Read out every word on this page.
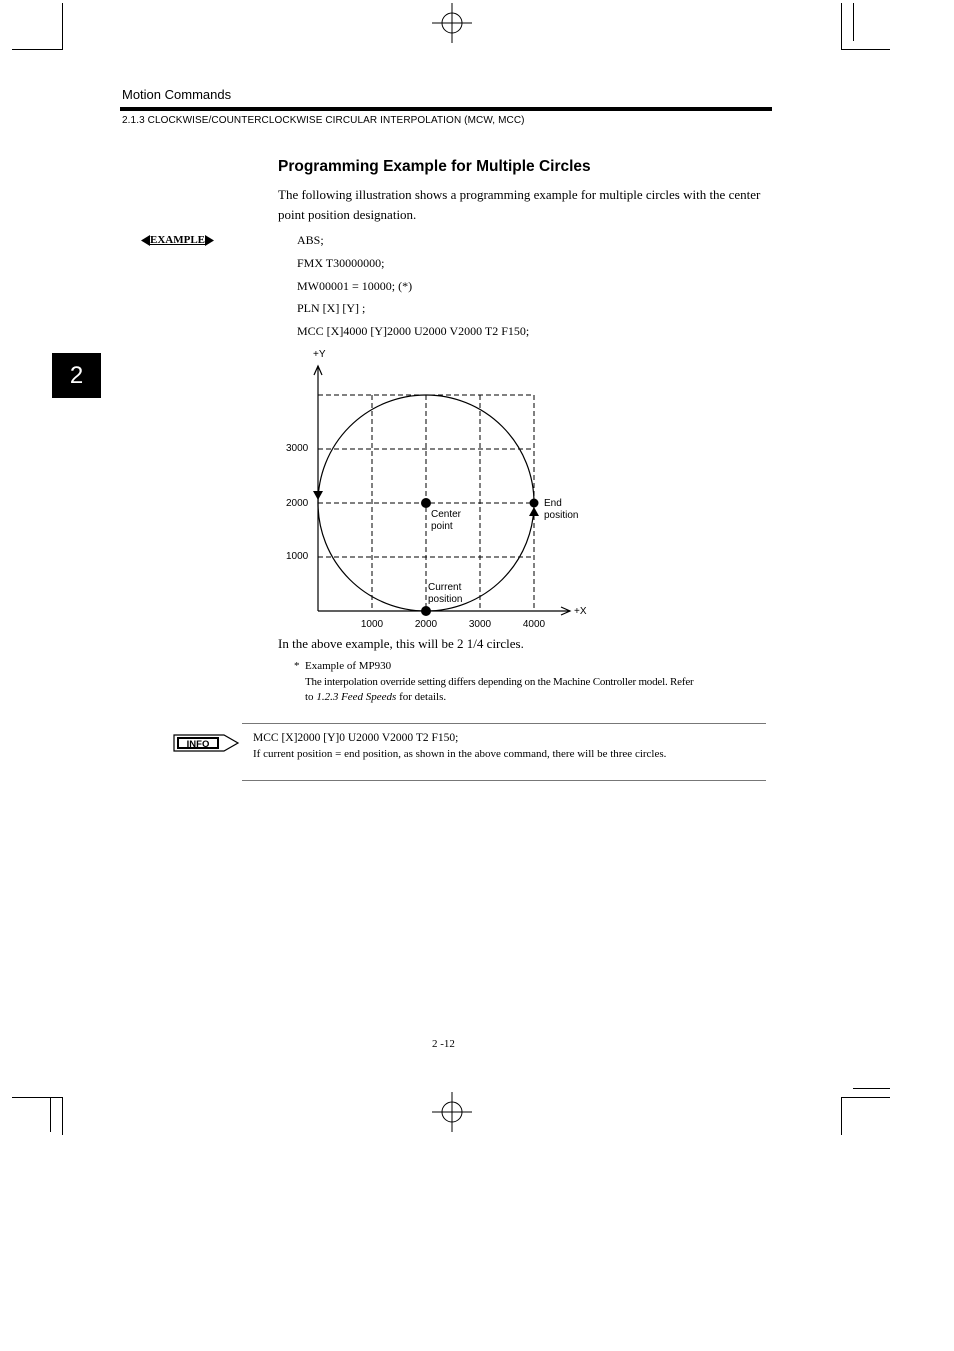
Motion Commands
2.1.3 CLOCKWISE/COUNTERCLOCKWISE CIRCULAR INTERPOLATION (MCW, MCC)
2
Programming Example for Multiple Circles
The following illustration shows a programming example for multiple circles with the center point position designation.
EXAMPLE	ABS;
FMX T30000000;
MW00001 = 10000; (*)
PLN [X] [Y] ;
MCC [X]4000 [Y]2000 U2000 V2000 T2 F150;
+Y
+X
3000
2000
1000
1000	2000	3000	4000
Center
point
End
position
Current
position
In the above example, this will be 2 1/4 circles.
* Example of MP930
The interpolation override setting differs depending on the Machine Controller model. Refer
to 1.2.3 Feed Speeds for details.
INFO
MCC [X]2000 [Y]0 U2000 V2000 T2 F150;
If current position = end position, as shown in the above command, there will be three circles.
2 -12
